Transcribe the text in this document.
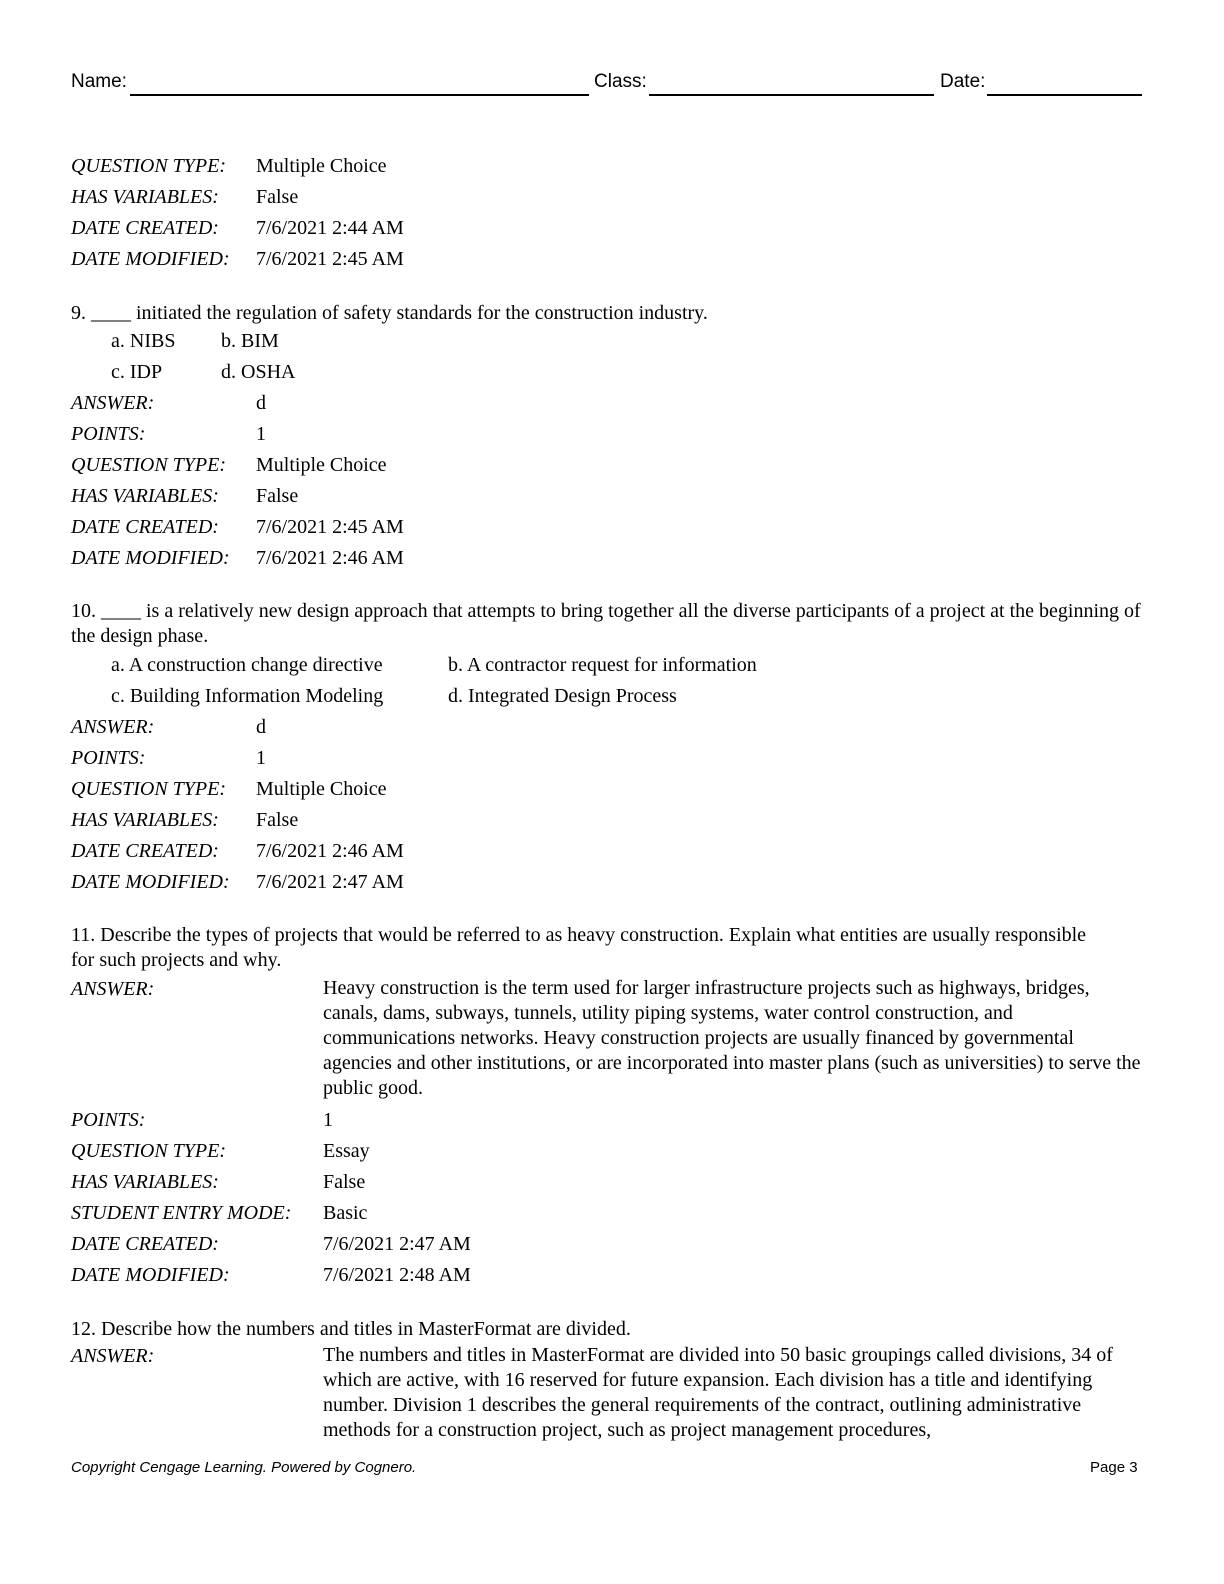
Name:	Class:	Date:
QUESTION TYPE: Multiple Choice
HAS VARIABLES: False
DATE CREATED: 7/6/2021 2:44 AM
DATE MODIFIED: 7/6/2021 2:45 AM
9. ____ initiated the regulation of safety standards for the construction industry.
a. NIBS b. BIM
c. IDP	d. OSHA
ANSWER:	d
POINTS:	1
QUESTION TYPE: Multiple Choice
HAS VARIABLES: False
DATE CREATED: 7/6/2021 2:45 AM
DATE MODIFIED: 7/6/2021 2:46 AM
10. ____ is a relatively new design approach that attempts to bring together all the diverse participants of a project at the beginning of the design phase.
a. A construction change directive	b. A contractor request for information
c. Building Information Modeling	d. Integrated Design Process
ANSWER:	d
POINTS:	1
QUESTION TYPE: Multiple Choice
HAS VARIABLES: False
DATE CREATED: 7/6/2021 2:46 AM
DATE MODIFIED: 7/6/2021 2:47 AM
11. Describe the types of projects that would be referred to as heavy construction. Explain what entities are usually responsible for such projects and why.
ANSWER:	Heavy construction is the term used for larger infrastructure projects such as highways, bridges, canals, dams, subways, tunnels, utility piping systems, water control construction, and communications networks. Heavy construction projects are usually financed by governmental agencies and other institutions, or are incorporated into master plans (such as universities) to serve the public good.
POINTS:	1
QUESTION TYPE:	Essay
HAS VARIABLES:	False
STUDENT ENTRY MODE: Basic
DATE CREATED:	7/6/2021 2:47 AM
DATE MODIFIED:	7/6/2021 2:48 AM
12. Describe how the numbers and titles in MasterFormat are divided.
ANSWER:	The numbers and titles in MasterFormat are divided into 50 basic groupings called divisions, 34 of which are active, with 16 reserved for future expansion. Each division has a title and identifying number. Division 1 describes the general requirements of the contract, outlining administrative methods for a construction project, such as project management procedures,
Copyright Cengage Learning. Powered by Cognero.	Page 3
